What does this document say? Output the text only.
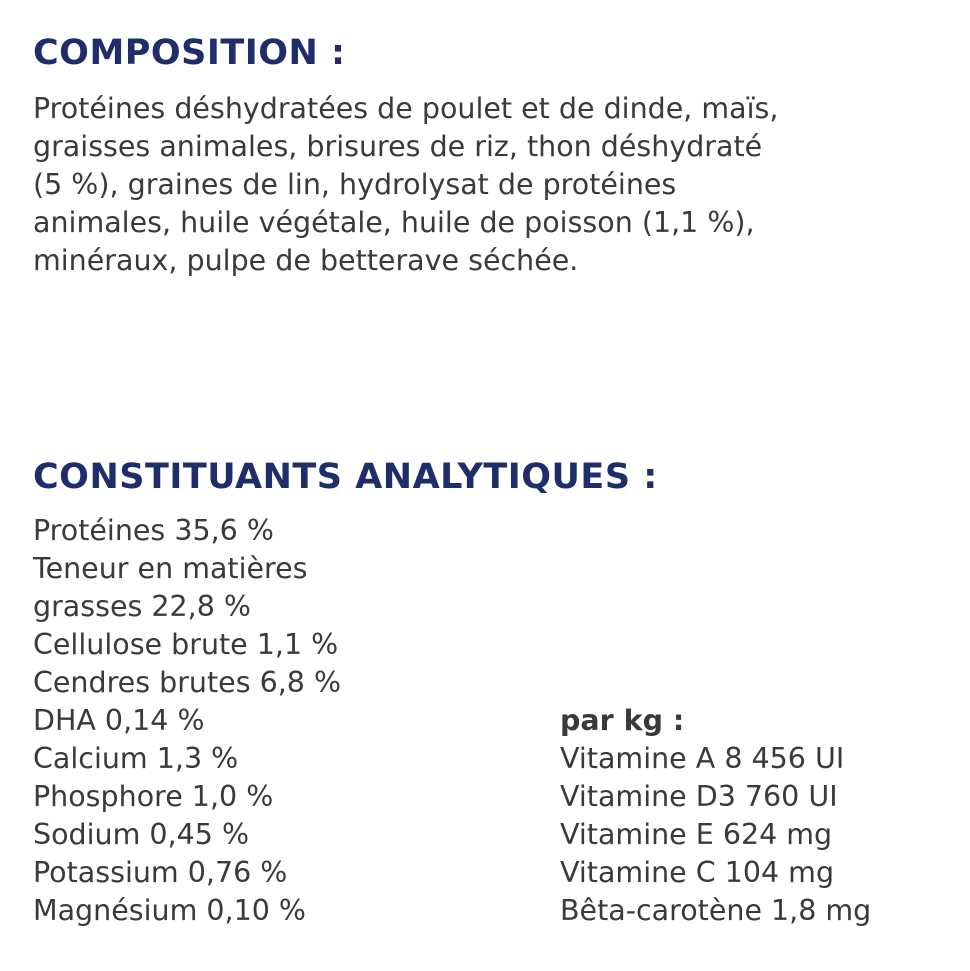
COMPOSITION :

Protéines déshydratées de poulet et de dinde, maïs,
graisses animales, brisures de riz, thon déshydraté
(5 %), graines de lin, hydrolysat de protéines
animales, huile végétale, huile de poisson (1,1 %),
minéraux, pulpe de betterave séchée.

CONSTITUANTS ANALYTIQUES :
Protéines 35,6 %
Teneur en matières
grasses 22,8 %
Cellulose brute 1,1 %
Cendres brutes 6,8 %
DHA 0,14 %
Calcium 1,3 %
Phosphore 1,0 %
Sodium 0,45 %
Potassium 0,76 %
Magnésium 0,10 %
par kg :
Vitamine A 8 456 UI
Vitamine D3 760 UI
Vitamine E 624 mg
Vitamine C 104 mg
Bêta-carotène 1,8 mg
